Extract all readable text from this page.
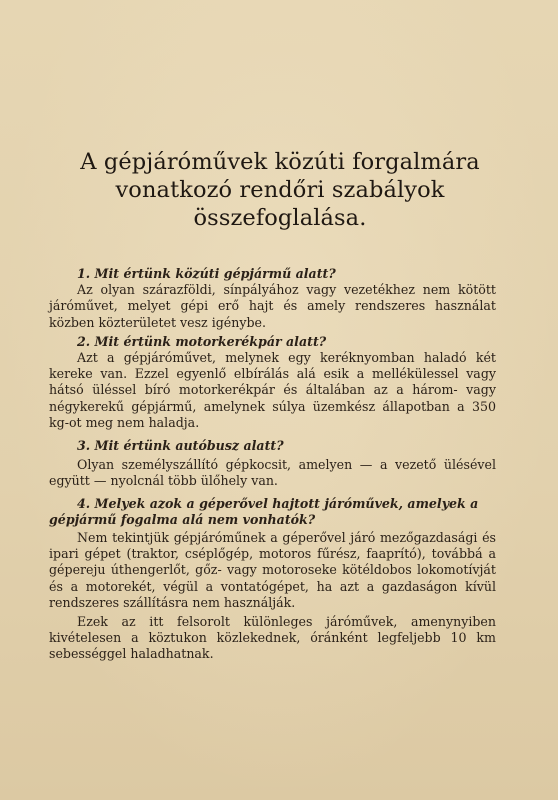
A gépjáróművek közúti forgalmára
vonatkozó rendőri szabályok
összefoglalása.
1. Mit értünk közúti gépjármű alatt?
Az olyan szárazföldi, sínpályához vagy vezetékhez nem kötött járóművet, melyet gépi erő hajt és amely rendszeres használat közben közterületet vesz igénybe.
2. Mit értünk motorkerékpár alatt?
Azt a gépjáróművet, melynek egy keréknyomban haladó két kereke van. Ezzel egyenlő elbírálás alá esik a mellékülessel vagy hátsó üléssel bíró motorkerékpár és általában az a három- vagy négykerekű gépjármű, amelynek súlya üzemkész állapotban a 350 kg-ot meg nem haladja.
3. Mit értünk autóbusz alatt?
Olyan személyszállító gépkocsit, amelyen — a vezető ülésével együtt — nyolcnál több ülőhely van.
4. Melyek azok a géperővel hajtott járóművek, amelyek a gépjármű fogalma alá nem vonhatók?
Nem tekintjük gépjáróműnek a géperővel járó mezőgazdasági és ipari gépet (traktor, cséplőgép, motoros fűrész, faaprító), továbbá a gépereju úthengerlőt, gőz- vagy motoroseke kötéldobos lokomotívját és a motorekét, végül a vontatógépet, ha azt a gazdaságon kívül rendszeres szállításra nem használják.
Ezek az itt felsorolt különleges járóművek, amenynyiben kivételesen a köztukon közlekednek, óránként legfeljebb 10 km sebességgel haladhatnak.
